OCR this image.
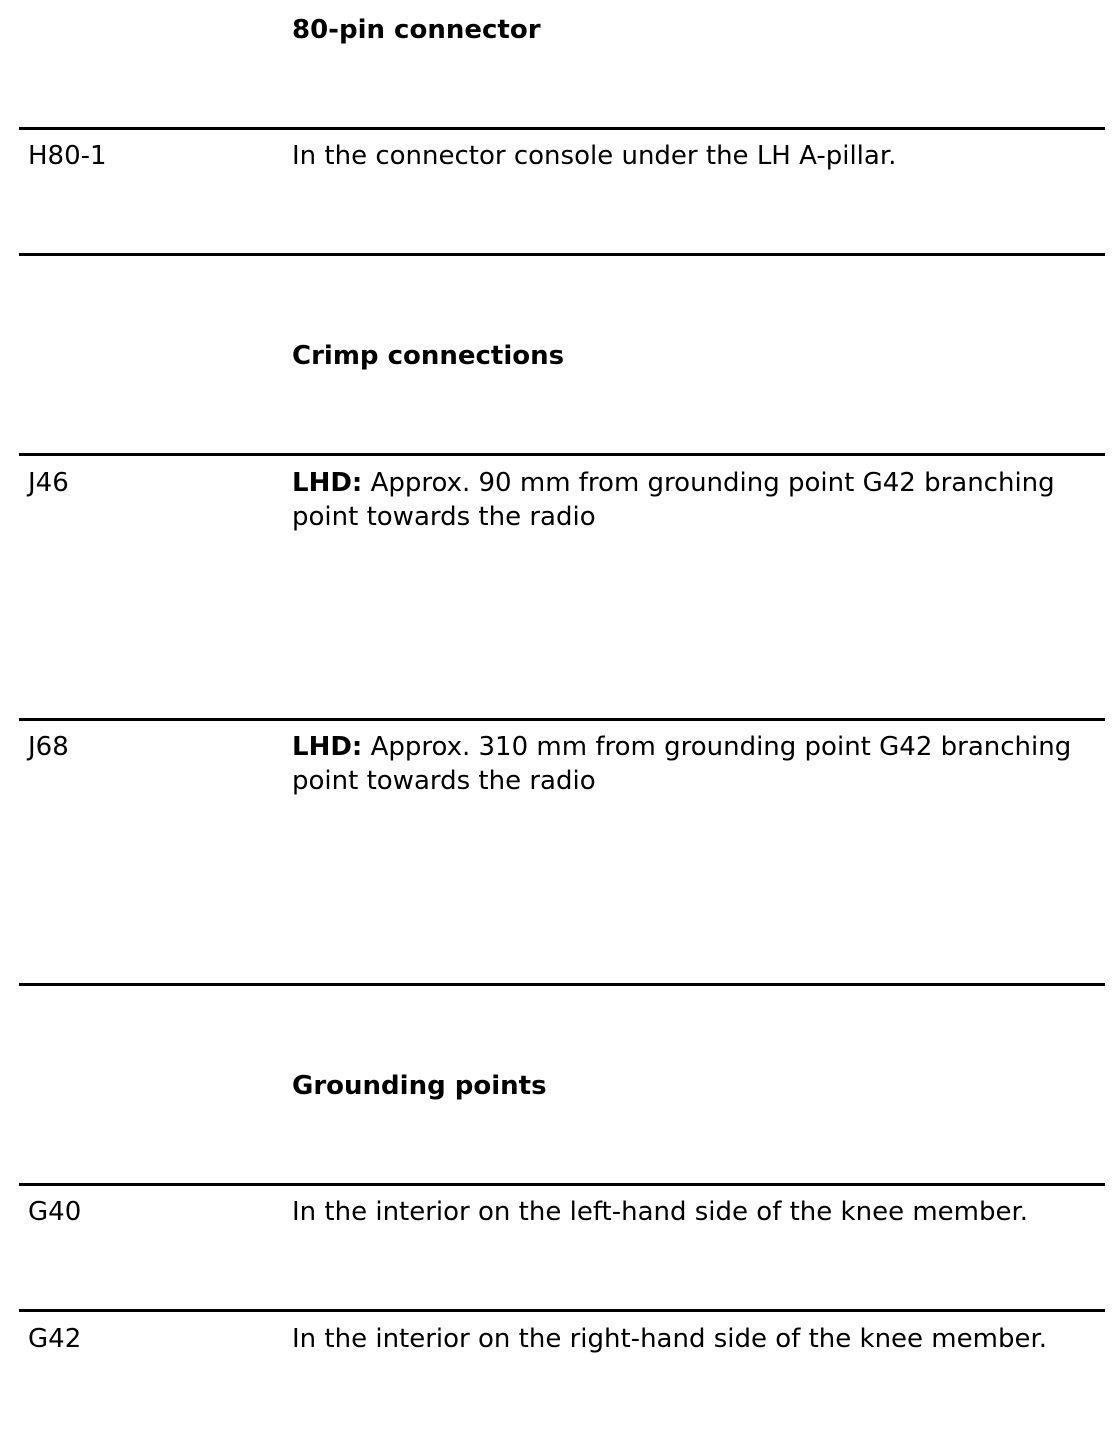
80-pin connector
H80-1	In the connector console under the LH A-pillar.
Crimp connections
J46	LHD: Approx. 90 mm from grounding point G42 branching point towards the radio
J68	LHD: Approx. 310 mm from grounding point G42 branching point towards the radio
Grounding points
G40	In the interior on the left-hand side of the knee member.
G42	In the interior on the right-hand side of the knee member.
